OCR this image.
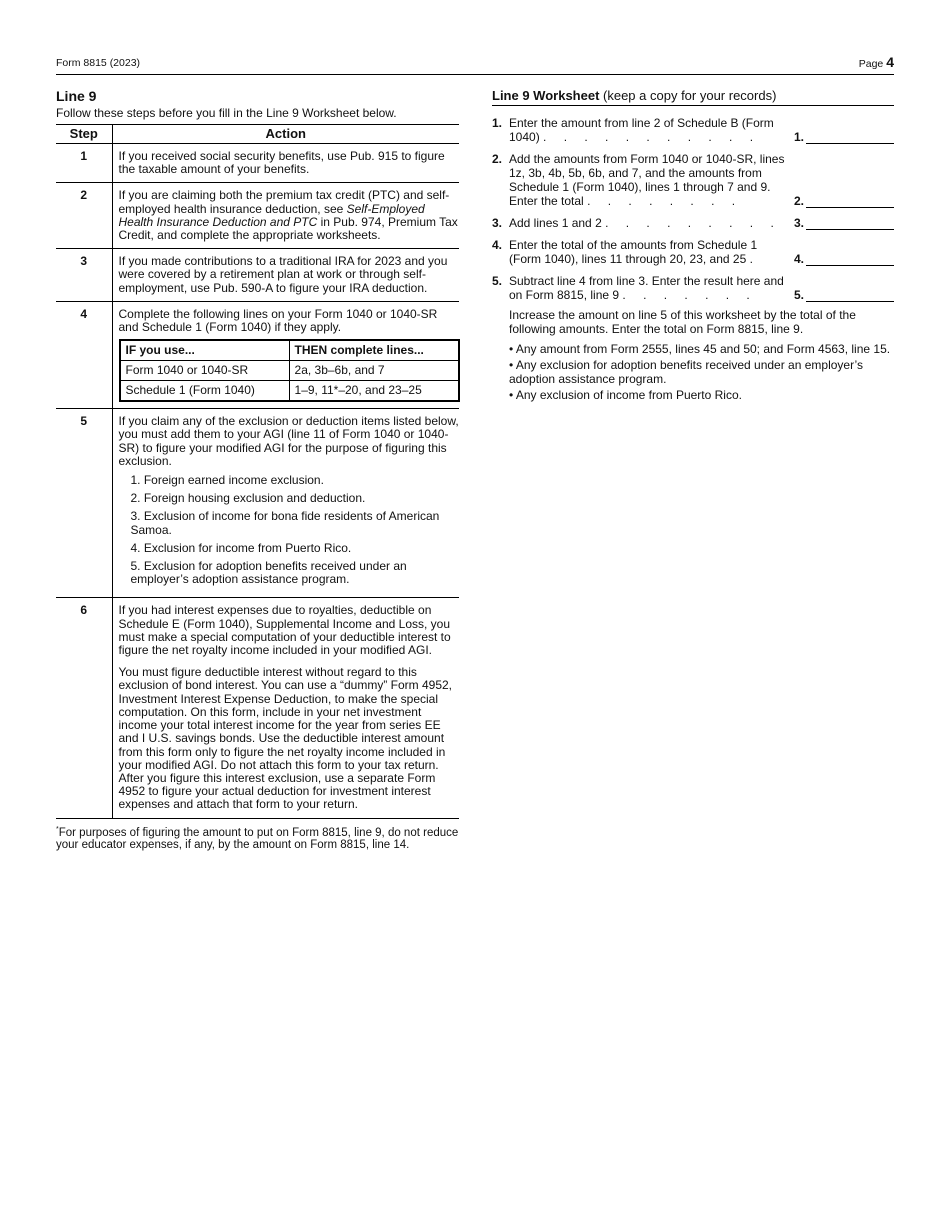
Form 8815 (2023)	Page 4
Line 9

Follow these steps before you fill in the Line 9 Worksheet below.

Step	Action
1	If you received social security benefits, use Pub. 915 to figure the taxable amount of your benefits.

2	If you are claiming both the premium tax credit (PTC) and self-employed health insurance deduction, see Self-Employed Health Insurance Deduction and PTC in Pub. 974, Premium Tax Credit, and complete the appropriate worksheets.

3	If you made contributions to a traditional IRA for 2023 and you were covered by a retirement plan at work or through self-employment, use Pub. 590-A to figure your IRA deduction.

4	Complete the following lines on your Form 1040 or 1040-SR and Schedule 1 (Form 1040) if they apply.

IF you use...	THEN complete lines...
Form 1040 or 1040-SR	2a, 3b–6b, and 7
Schedule 1 (Form 1040)	1–9, 11*–20, and 23–25

5	If you claim any of the exclusion or deduction items listed below, you must add them to your AGI (line 11 of Form 1040 or 1040-SR) to figure your modified AGI for the purpose of figuring this exclusion.

1. Foreign earned income exclusion.
2. Foreign housing exclusion and deduction.
3. Exclusion of income for bona fide residents of American Samoa.
4. Exclusion for income from Puerto Rico.
5. Exclusion for adoption benefits received under an employer’s adoption assistance program.

6	If you had interest expenses due to royalties, deductible on Schedule E (Form 1040), Supplemental Income and Loss, you must make a special computation of your deductible interest to figure the net royalty income included in your modified AGI.

You must figure deductible interest without regard to this exclusion of bond interest. You can use a “dummy” Form 4952, Investment Interest Expense Deduction, to make the special computation. On this form, include in your net investment income your total interest income for the year from series EE and I U.S. savings bonds. Use the deductible interest amount from this form only to figure the net royalty income included in your modified AGI. Do not attach this form to your tax return. After you figure this interest exclusion, use a separate Form 4952 to figure your actual deduction for investment interest expenses and attach that form to your return.

*For purposes of figuring the amount to put on Form 8815, line 9, do not reduce your educator expenses, if any, by the amount on Form 8815, line 14.

Line 9 Worksheet (keep a copy for your records)

1. Enter the amount from line 2 of Schedule B (Form 1040) . . . . . . . . . . .	1.
2. Add the amounts from Form 1040 or 1040-SR, lines 1z, 3b, 4b, 5b, 6b, and 7, and the amounts from Schedule 1 (Form 1040), lines 1 through 7 and 9. Enter the total . . . . . . . .	2.
3. Add lines 1 and 2 . . . . . . . . . 3.
4. Enter the total of the amounts from Schedule 1 (Form 1040), lines 11 through 20, 23, and 25 .	4.
5. Subtract line 4 from line 3. Enter the result here and on Form 8815, line 9 . . . . . . .	5.

Increase the amount on line 5 of this worksheet by the total of the following amounts. Enter the total on Form 8815, line 9.

• Any amount from Form 2555, lines 45 and 50; and Form 4563, line 15.

• Any exclusion for adoption benefits received under an employer’s adoption assistance program.

• Any exclusion of income from Puerto Rico.
